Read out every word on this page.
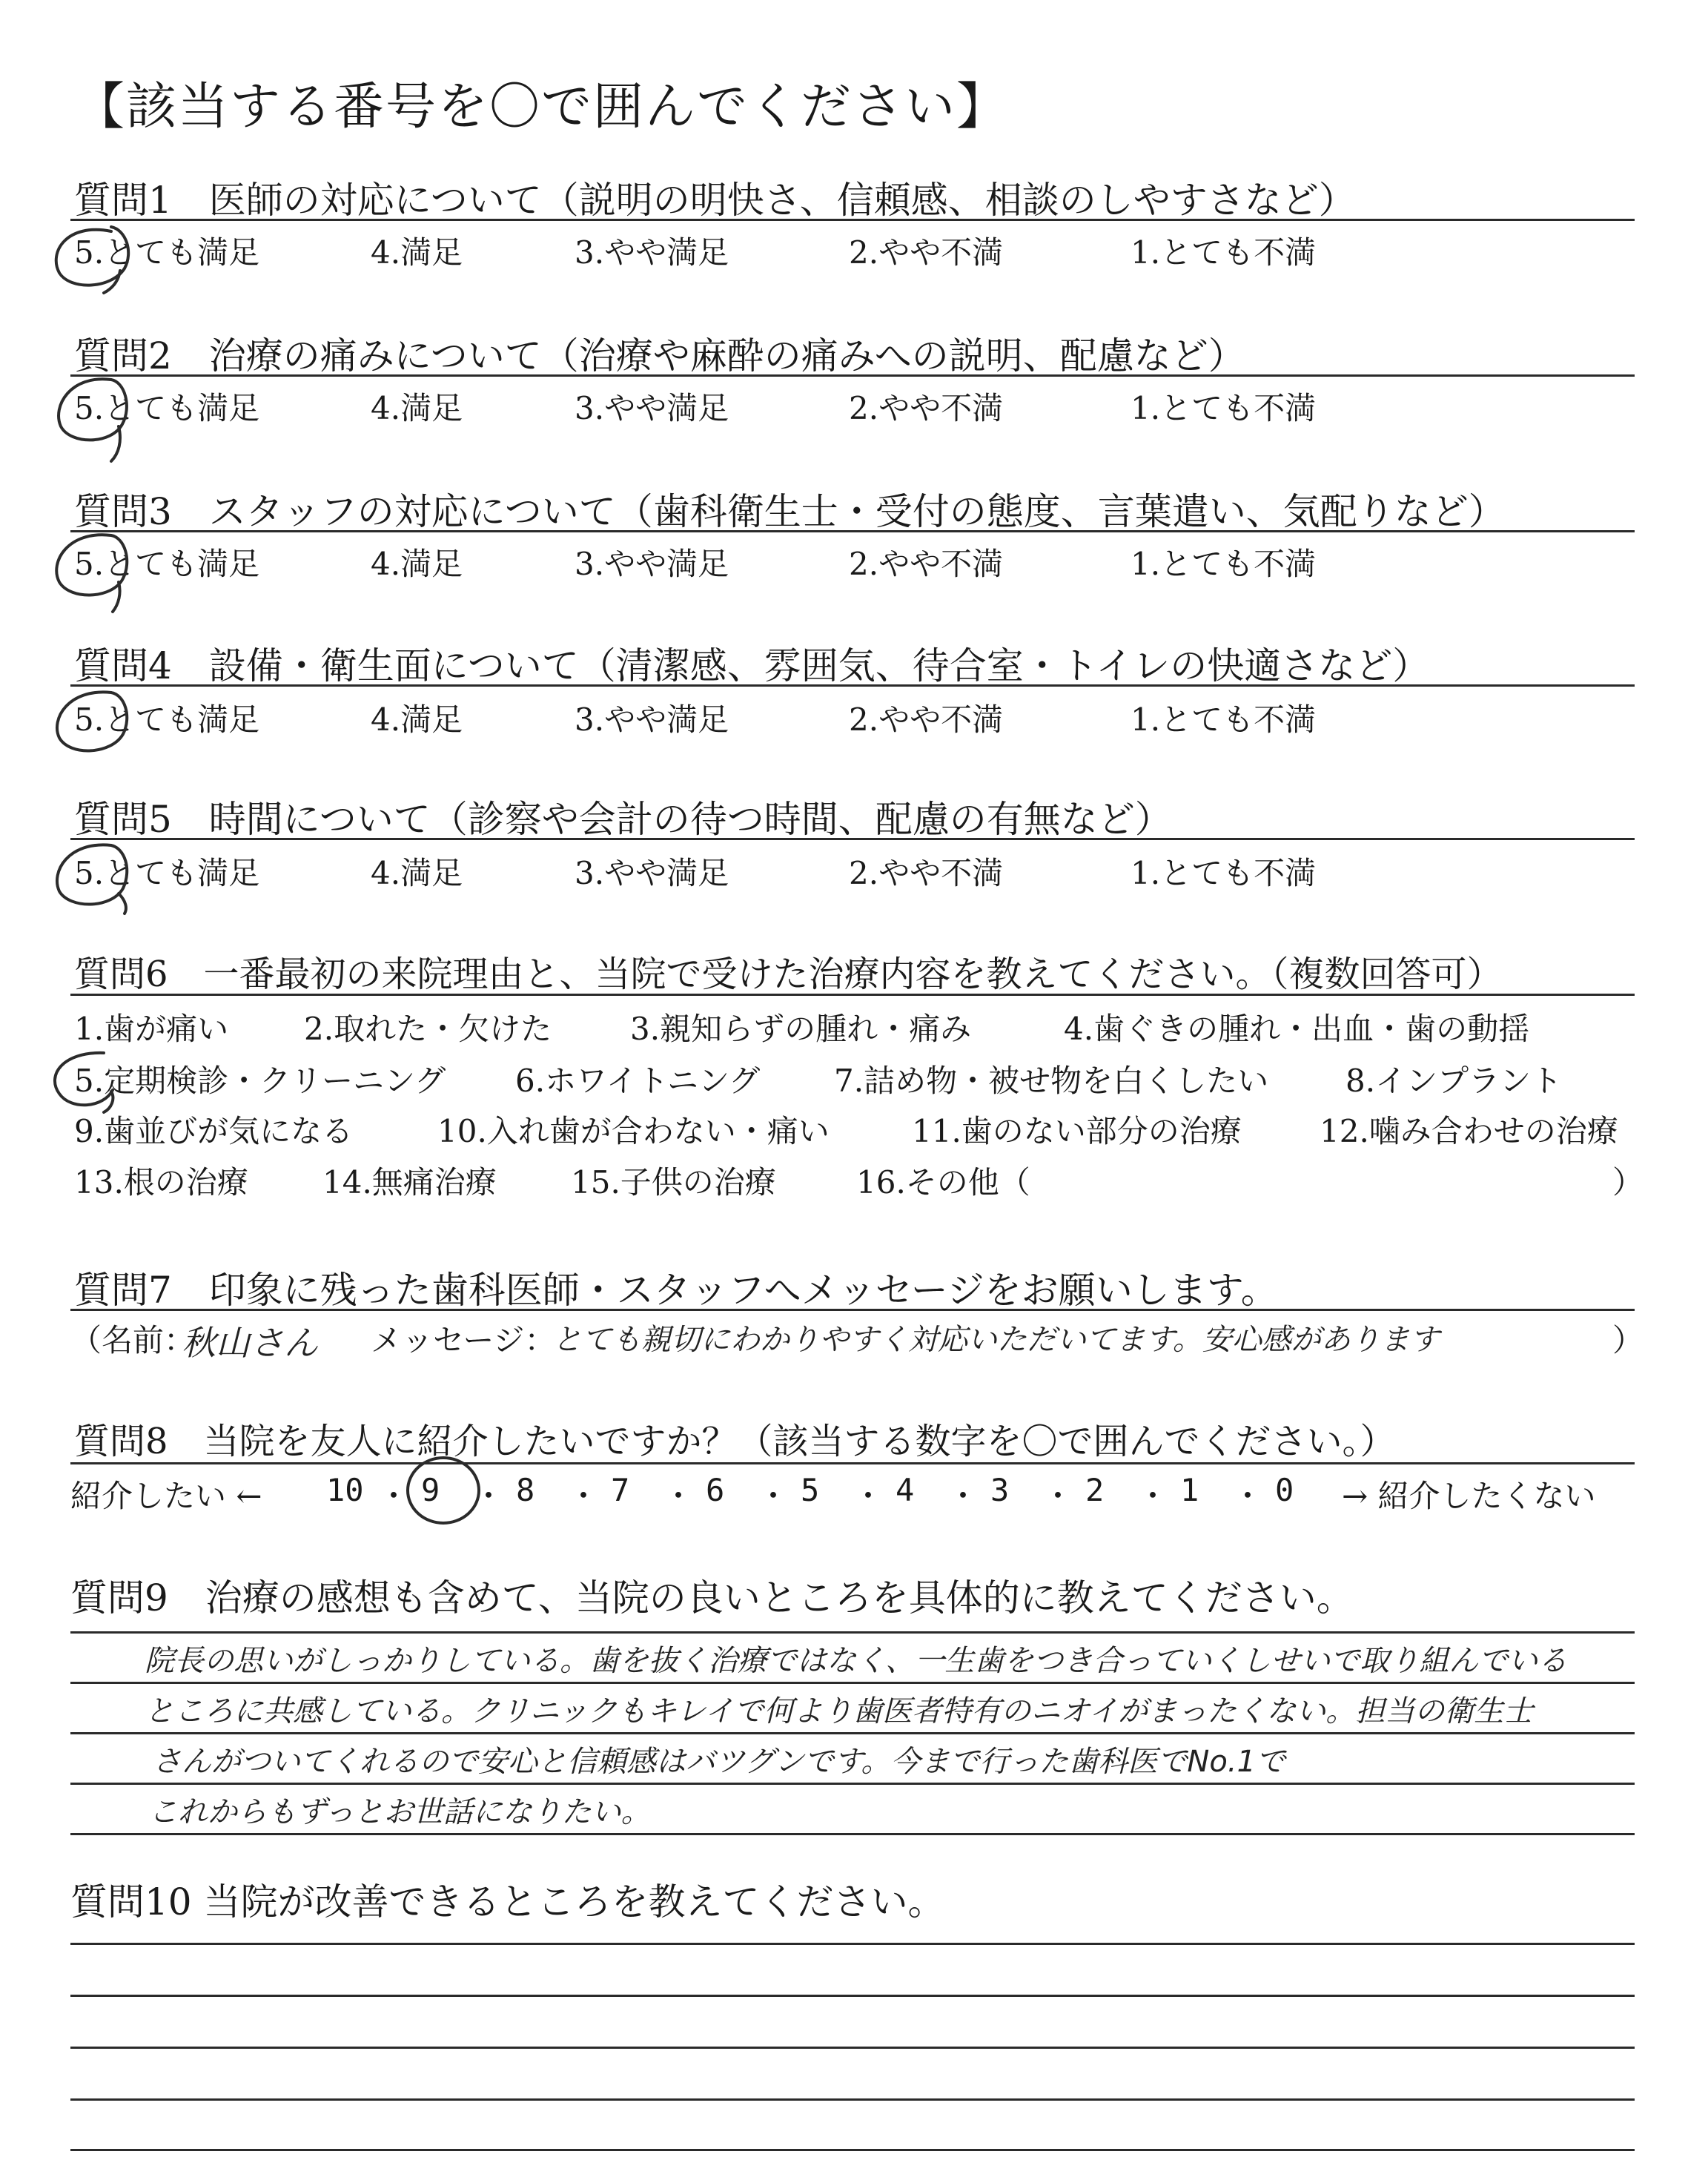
【該当する番号を〇で囲んでください】
質問1　医師の対応について（説明の明快さ、信頼感、相談のしやすさなど）
5.とても満足	4.満足	3.やや満足	2.やや不満	1.とても不満
質問2　治療の痛みについて（治療や麻酔の痛みへの説明、配慮など）
5.とても満足	4.満足	3.やや満足	2.やや不満	1.とても不満
質問3　スタッフの対応について（歯科衛生士・受付の態度、言葉遣い、気配りなど）
5.とても満足	4.満足	3.やや満足	2.やや不満	1.とても不満
質問4　設備・衛生面について（清潔感、雰囲気、待合室・トイレの快適さなど）
5.とても満足	4.満足	3.やや満足	2.やや不満	1.とても不満
質問5　時間について（診察や会計の待つ時間、配慮の有無など）
5.とても満足	4.満足	3.やや満足	2.やや不満	1.とても不満
質問6　一番最初の来院理由と、当院で受けた治療内容を教えてください。（複数回答可）
1.歯が痛い 2.取れた・欠けた	3.親知らずの腫れ・痛み	4.歯ぐきの腫れ・出血・歯の動揺
5.定期検診・クリーニング 6.ホワイトニング 7.詰め物・被せ物を白くしたい 8.インプラント
9.歯並びが気になる	10.入れ歯が合わない・痛い	11.歯のない部分の治療	12.噛み合わせの治療
13.根の治療 14.無痛治療 15.子供の治療	16.その他（	）
質問7　印象に残った歯科医師・スタッフへメッセージをお願いします。
（名前：
秋山さん メッセージ：
とても親切にわかりやすく対応いただいてます。安心感があります	）
質問8　当院を友人に紹介したいですか？（該当する数字を〇で囲んでください。）
紹介したい ←	→ 紹介したくない
10 ・ 9 ・ 8 ・ 7 ・ 6 ・ 5 ・ 4 ・ 3 ・ 2 ・ 1 ・ 0
質問9　治療の感想も含めて、当院の良いところを具体的に教えてください。
院長の思いがしっかりしている。歯を抜く治療ではなく、一生歯をつき合っていくしせいで取り組んでいる
ところに共感している。クリニックもキレイで何より歯医者特有のニオイがまったくない。担当の衛生士
さんがついてくれるので安心と信頼感はバツグンです。今まで行った歯科医でNo.1で
これからもずっとお世話になりたい。
質問10 当院が改善できるところを教えてください。
